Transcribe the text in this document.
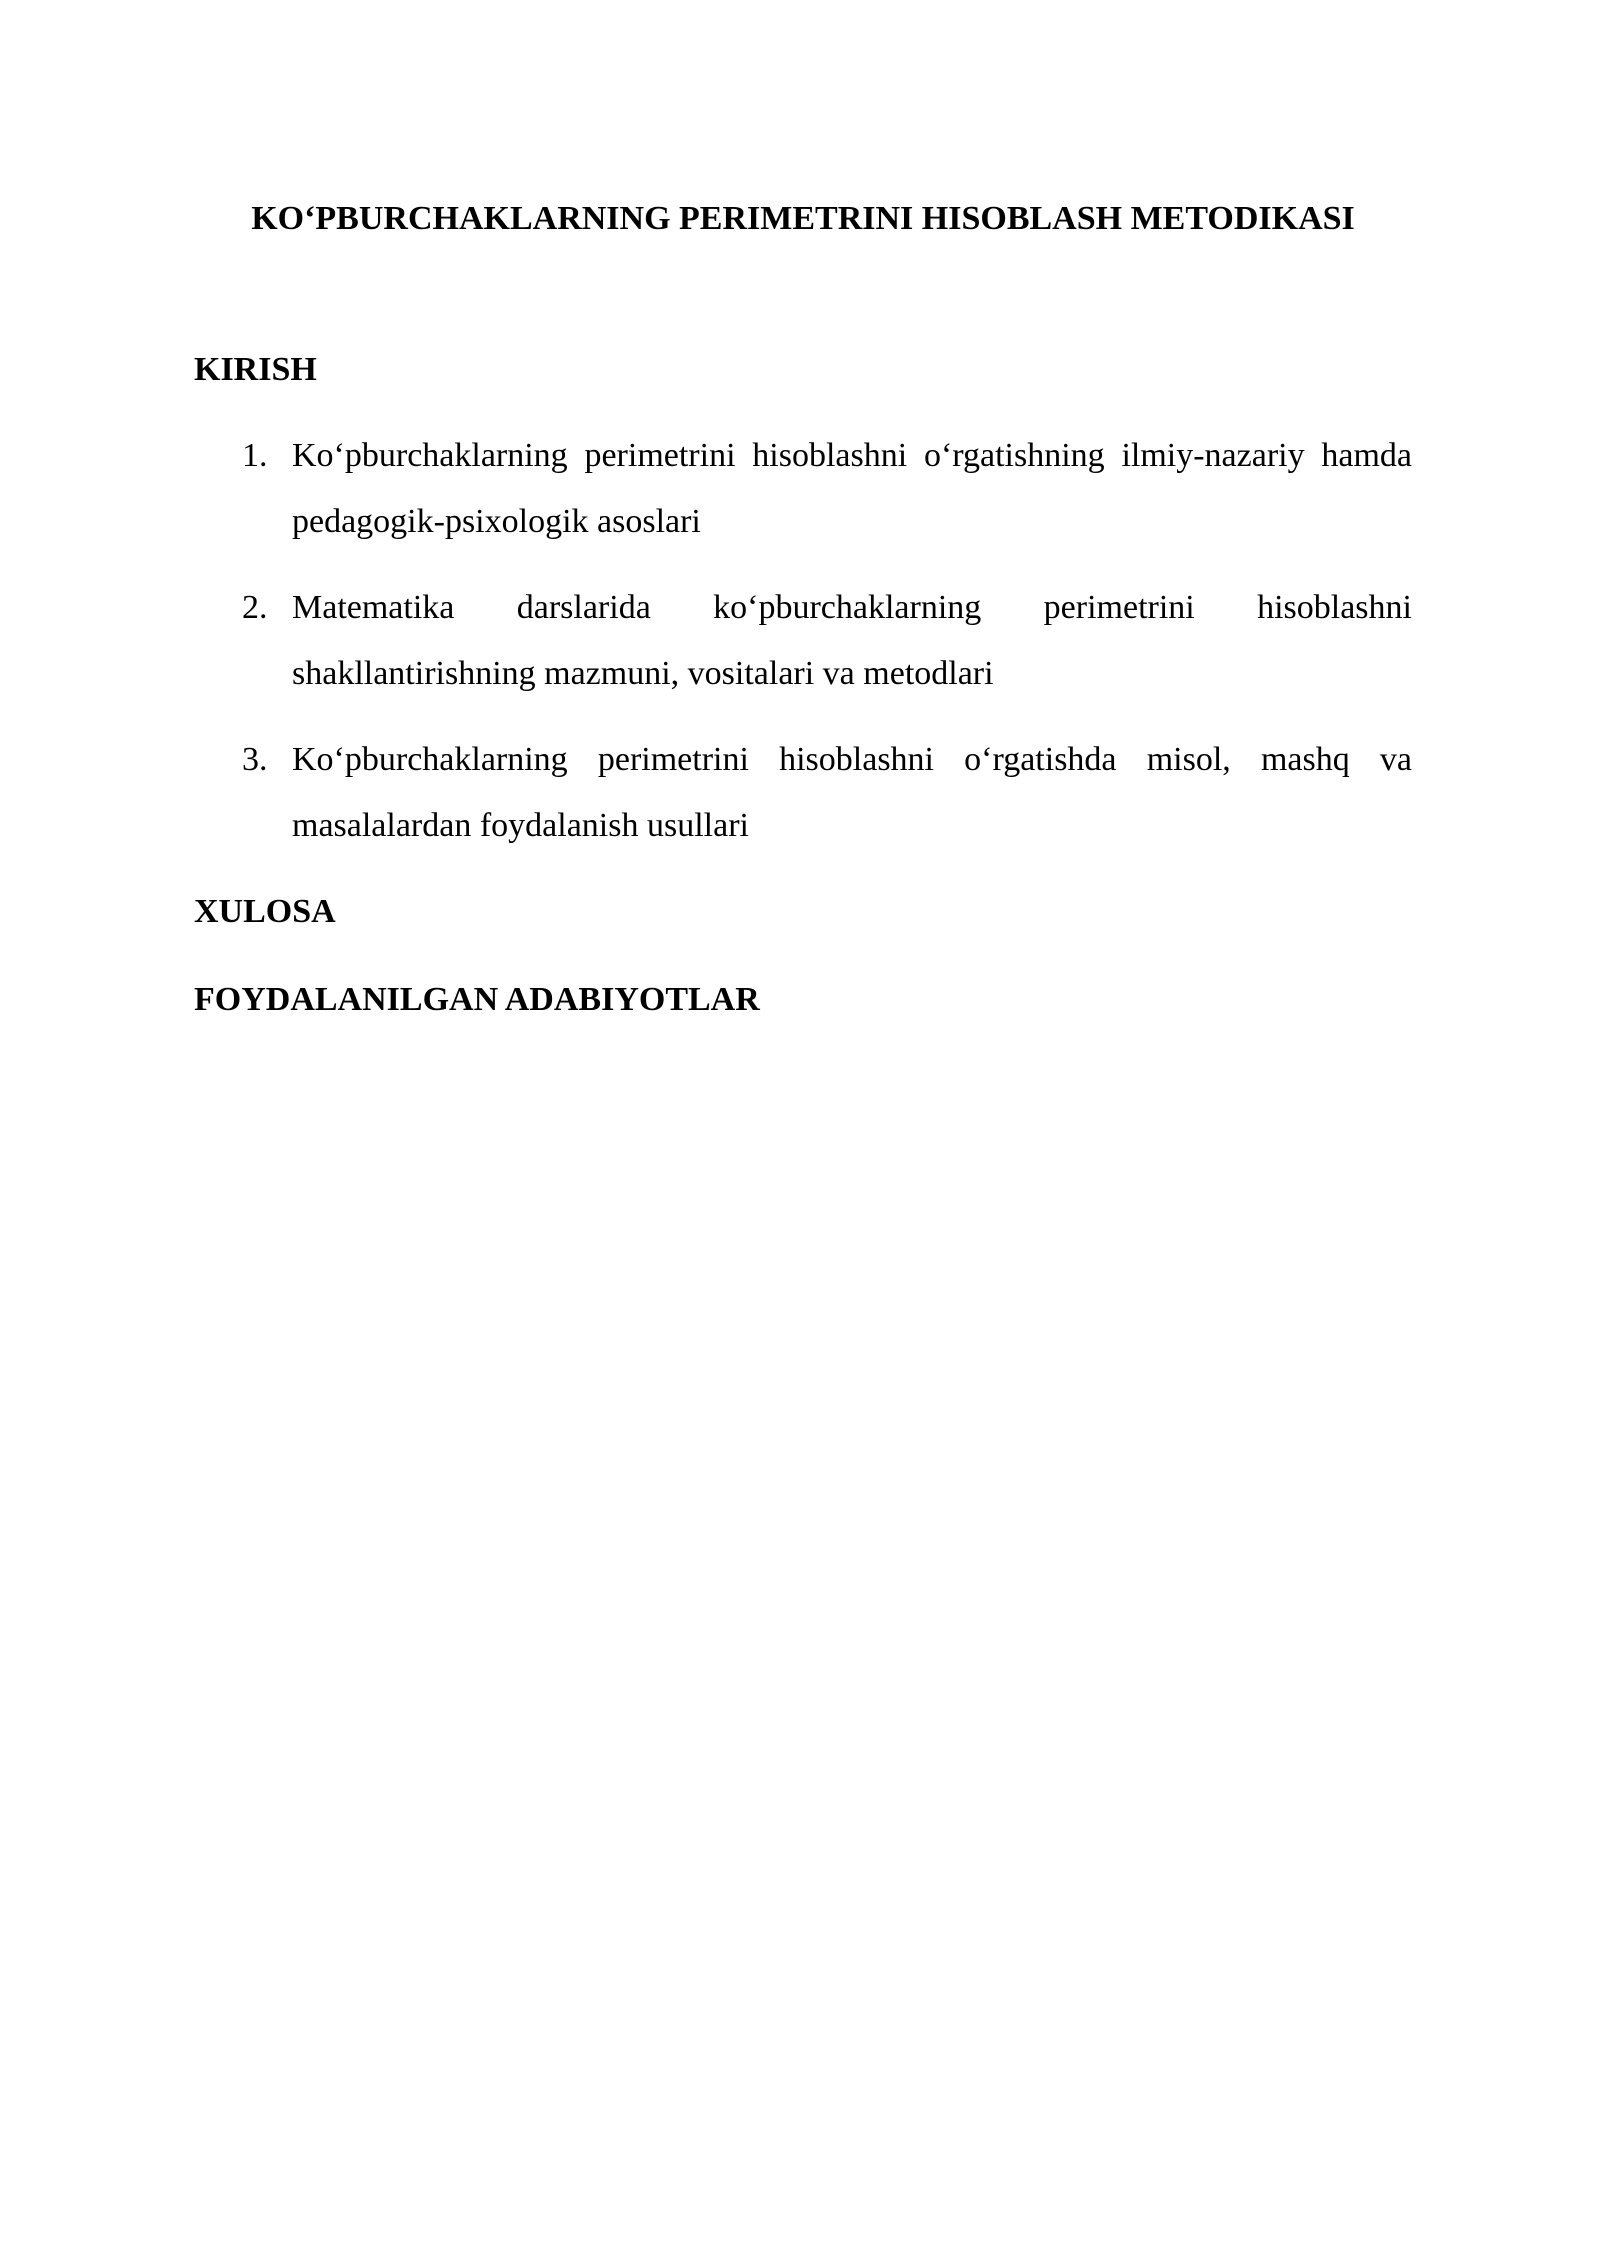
KO‘PBURCHAKLARNING PERIMETRINI HISOBLASH METODIKASI
KIRISH
1. Ko‘pburchaklarning perimetrini hisoblashni o‘rgatishning ilmiy-nazariy hamda pedagogik-psixologik asoslari
2. Matematika darslarida ko‘pburchaklarning perimetrini hisoblashni shakllantirishning mazmuni, vositalari va metodlari
3. Ko‘pburchaklarning perimetrini hisoblashni o‘rgatishda misol, mashq va masalalardan foydalanish usullari
XULOSA
FOYDALANILGAN ADABIYOTLAR
